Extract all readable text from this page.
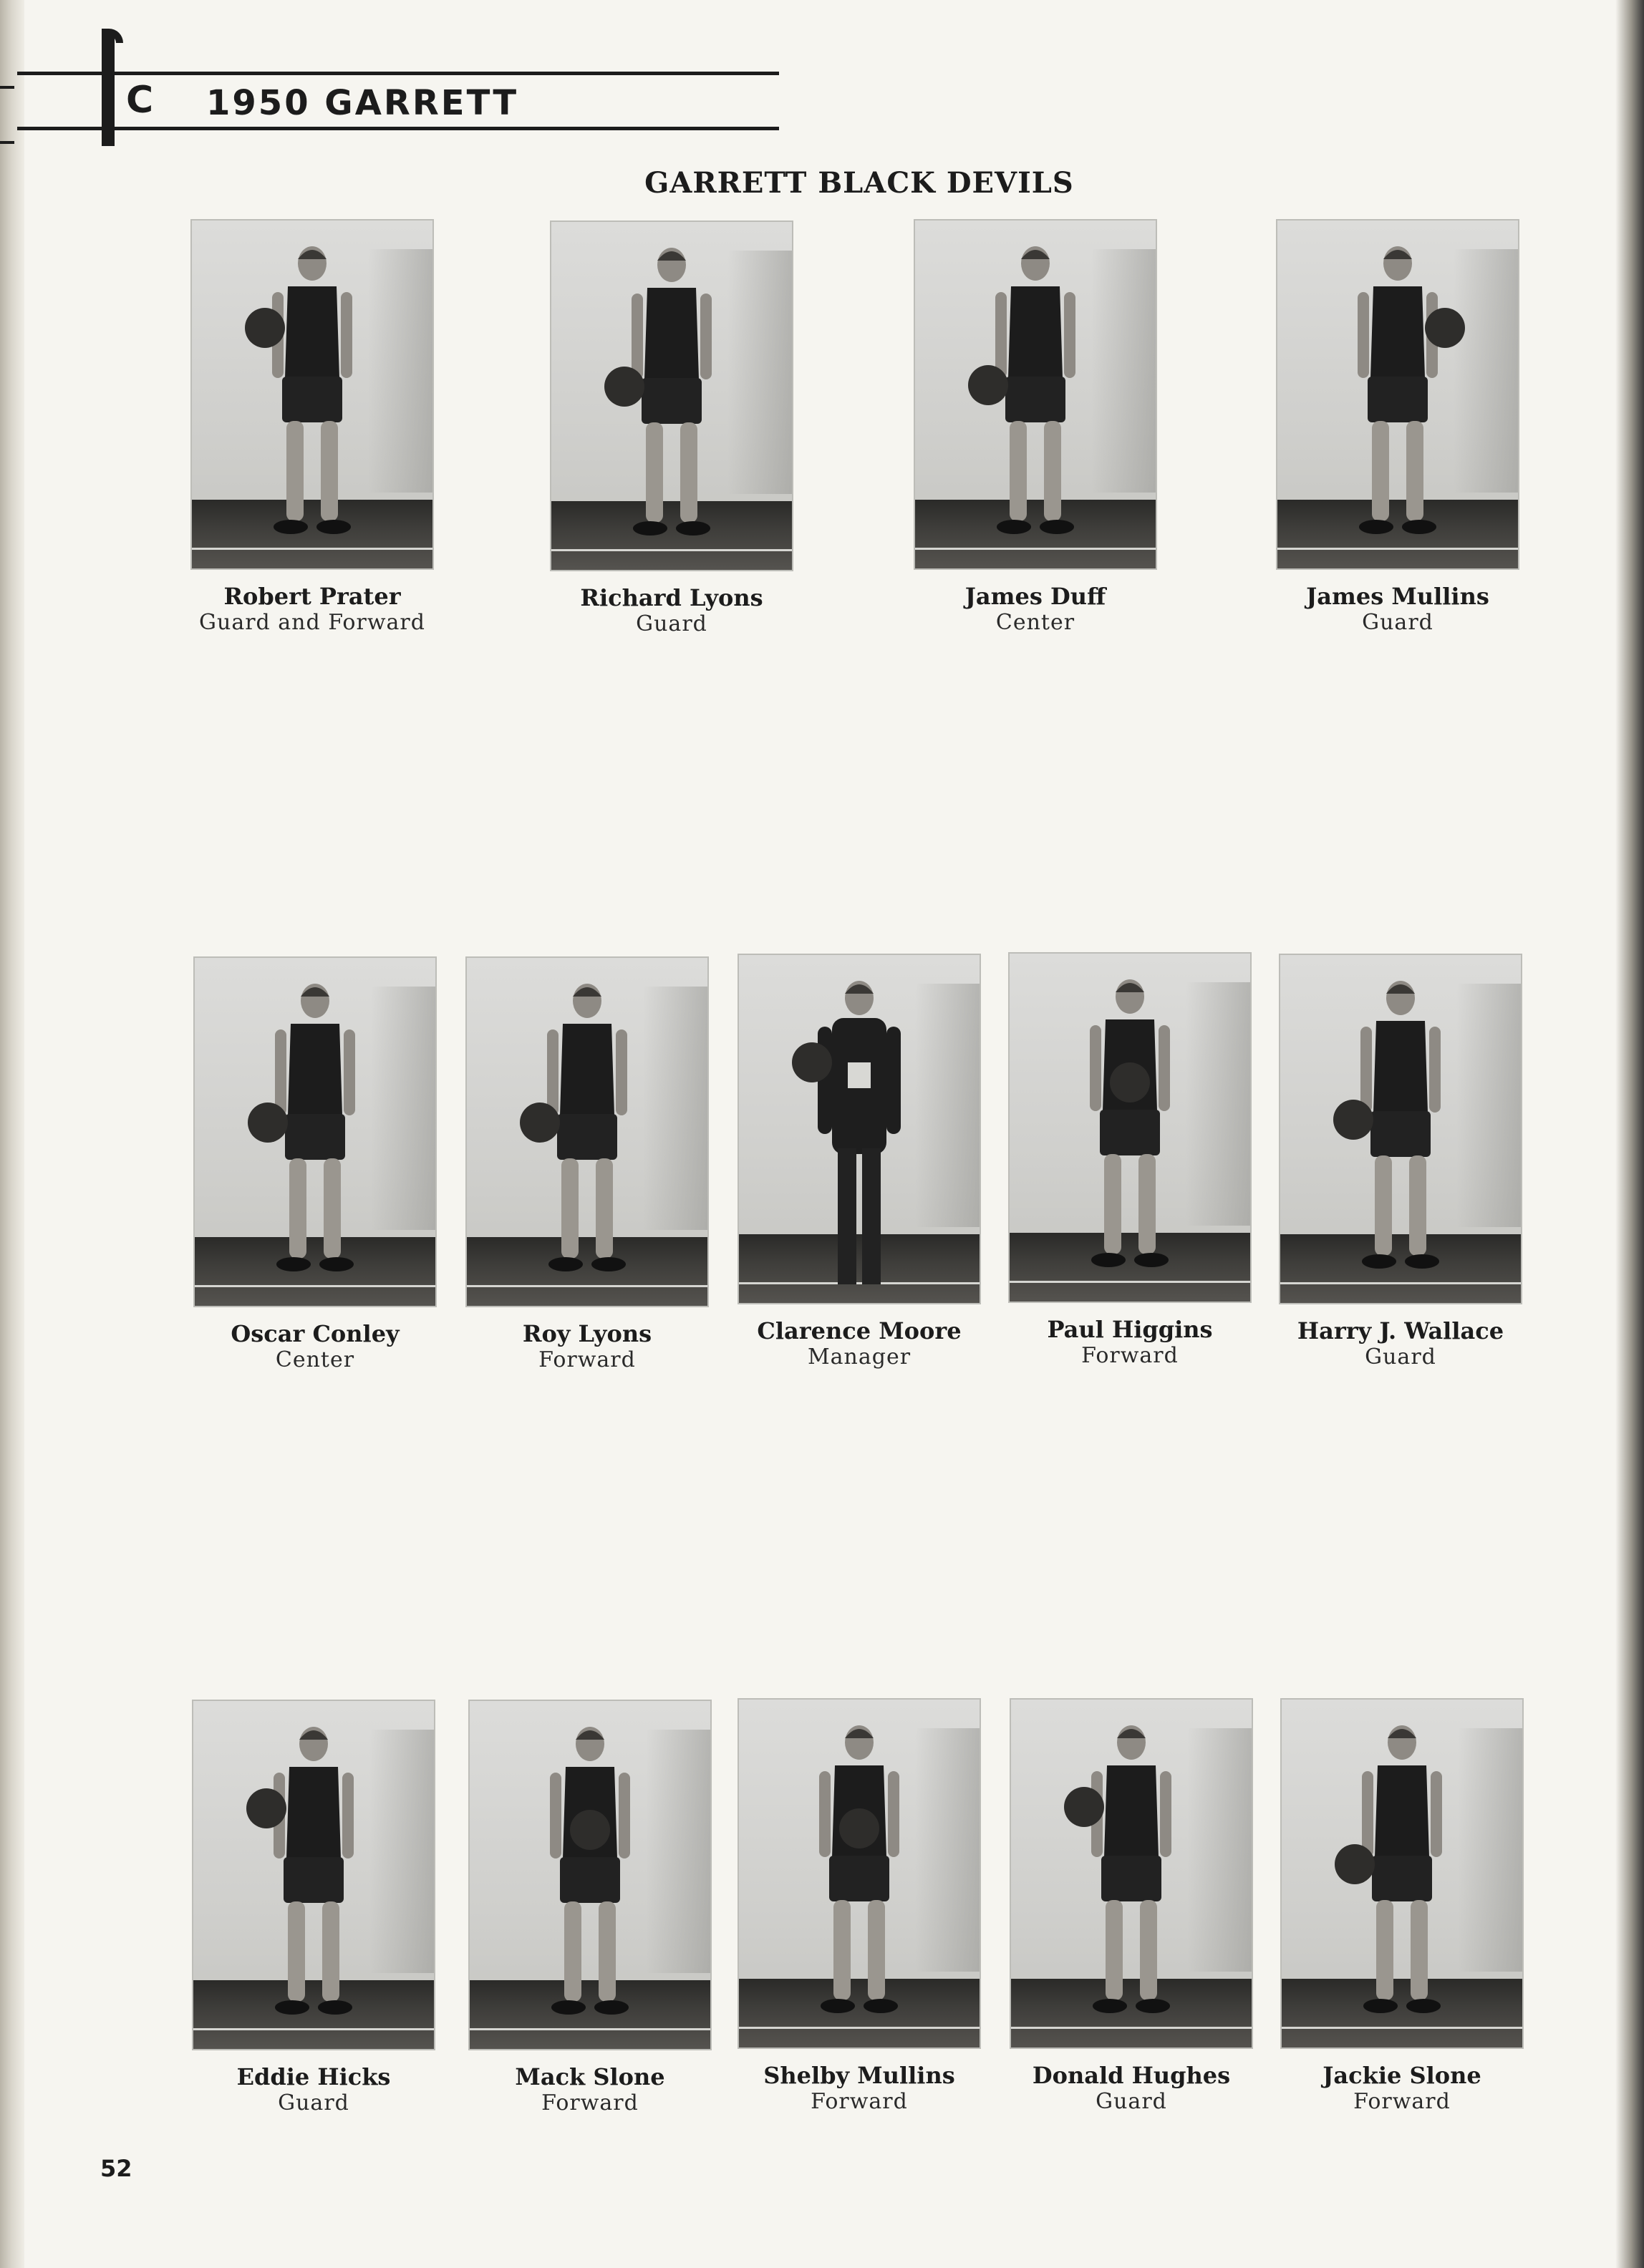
C 1950 GARRETT
GARRETT BLACK DEVILS
Robert Prater
Guard and Forward
Richard Lyons
Guard
James Duff
Center
James Mullins
Guard
Oscar Conley
Center
Roy Lyons
Forward
Clarence Moore
Manager
Paul Higgins
Forward
Harry J. Wallace
Guard
Eddie Hicks
Guard
Mack Slone
Forward
Shelby Mullins
Forward
Donald Hughes
Guard
Jackie Slone
Forward
52
